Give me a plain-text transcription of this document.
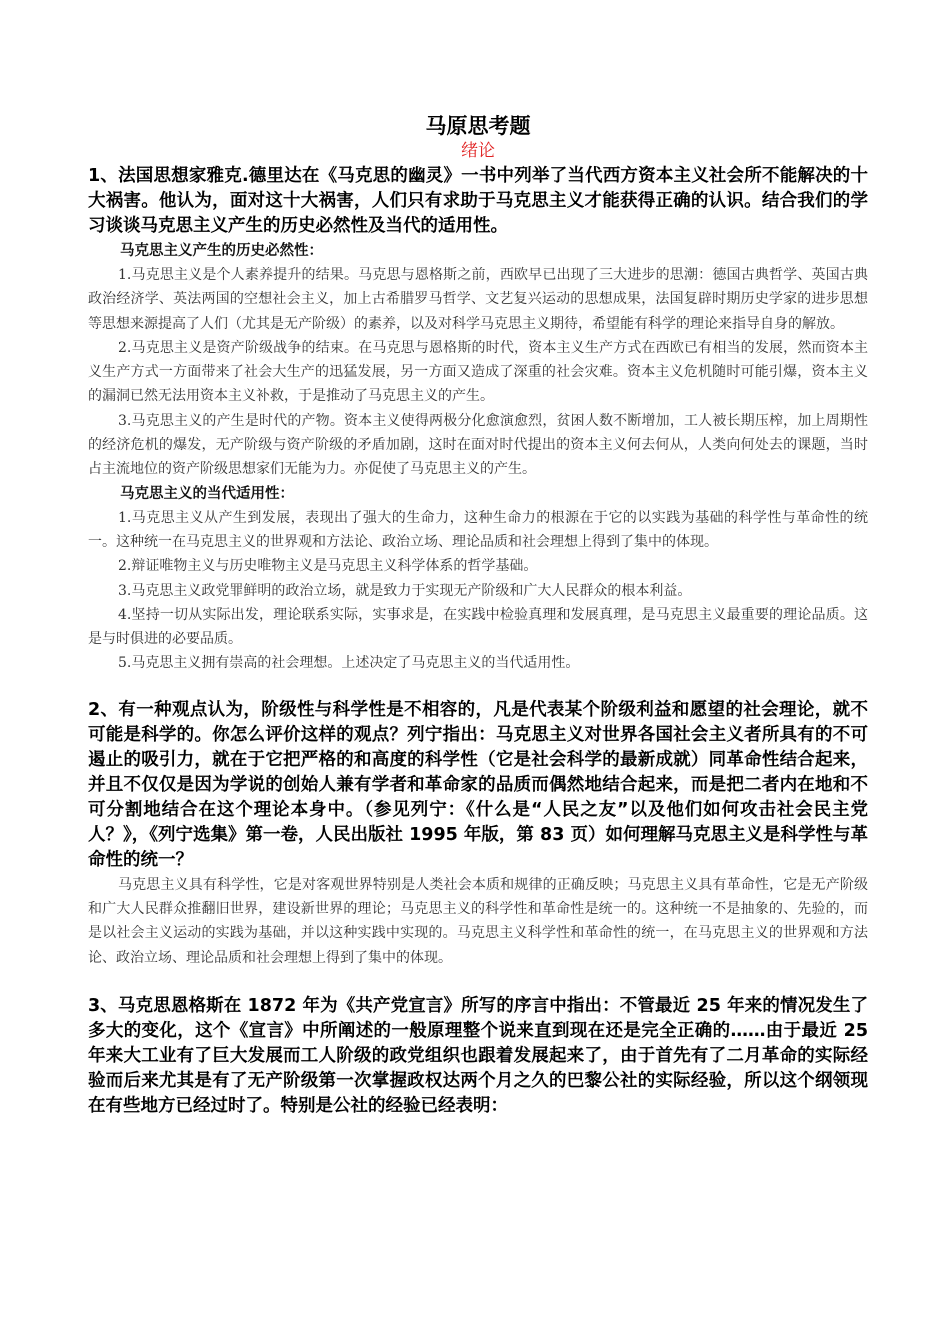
马原思考题
绪论

1、法国思想家雅克.德里达在《马克思的幽灵》一书中列举了当代西方资本主义社会所不能解决的十大祸害。他认为，面对这十大祸害，人们只有求助于马克思主义才能获得正确的认识。结合我们的学习谈谈马克思主义产生的历史必然性及当代的适用性。

马克思主义产生的历史必然性：

1.马克思主义是个人素养提升的结果。马克思与恩格斯之前，西欧早已出现了三大进步的思潮：德国古典哲学、英国古典政治经济学、英法两国的空想社会主义，加上古希腊罗马哲学、文艺复兴运动的思想成果，法国复辟时期历史学家的进步思想等思想来源提高了人们（尤其是无产阶级）的素养，以及对科学马克思主义期待，希望能有科学的理论来指导自身的解放。

2.马克思主义是资产阶级战争的结束。在马克思与恩格斯的时代，资本主义生产方式在西欧已有相当的发展，然而资本主义生产方式一方面带来了社会大生产的迅猛发展，另一方面又造成了深重的社会灾难。资本主义危机随时可能引爆，资本主义的漏洞已然无法用资本主义补救，于是推动了马克思主义的产生。

3.马克思主义的产生是时代的产物。资本主义使得两极分化愈演愈烈，贫困人数不断增加，工人被长期压榨，加上周期性的经济危机的爆发，无产阶级与资产阶级的矛盾加剧，这时在面对时代提出的资本主义何去何从，人类向何处去的课题，当时占主流地位的资产阶级思想家们无能为力。亦促使了马克思主义的产生。

马克思主义的当代适用性：

1.马克思主义从产生到发展，表现出了强大的生命力，这种生命力的根源在于它的以实践为基础的科学性与革命性的统一。这种统一在马克思主义的世界观和方法论、政治立场、理论品质和社会理想上得到了集中的体现。

2.辩证唯物主义与历史唯物主义是马克思主义科学体系的哲学基础。

3.马克思主义政党罪鲜明的政治立场，就是致力于实现无产阶级和广大人民群众的根本利益。

4.坚持一切从实际出发，理论联系实际，实事求是，在实践中检验真理和发展真理，是马克思主义最重要的理论品质。这是与时俱进的必要品质。

5.马克思主义拥有崇高的社会理想。上述决定了马克思主义的当代适用性。

2、有一种观点认为，阶级性与科学性是不相容的，凡是代表某个阶级利益和愿望的社会理论，就不可能是科学的。你怎么评价这样的观点？列宁指出：马克思主义对世界各国社会主义者所具有的不可遏止的吸引力，就在于它把严格的和高度的科学性（它是社会科学的最新成就）同革命性结合起来，并且不仅仅是因为学说的创始人兼有学者和革命家的品质而偶然地结合起来，而是把二者内在地和不可分割地结合在这个理论本身中。（参见列宁：《什么是“人民之友”以及他们如何攻击社会民主党人？》，《列宁选集》第一卷，人民出版社 1995 年版，第 83 页）如何理解马克思主义是科学性与革命性的统一？

马克思主义具有科学性，它是对客观世界特别是人类社会本质和规律的正确反映；马克思主义具有革命性，它是无产阶级和广大人民群众推翻旧世界，建设新世界的理论；马克思主义的科学性和革命性是统一的。这种统一不是抽象的、先验的，而是以社会主义运动的实践为基础，并以这种实践中实现的。马克思主义科学性和革命性的统一，在马克思主义的世界观和方法论、政治立场、理论品质和社会理想上得到了集中的体现。

3、马克思恩格斯在 1872 年为《共产党宣言》所写的序言中指出：不管最近 25 年来的情况发生了多大的变化，这个《宣言》中所阐述的一般原理整个说来直到现在还是完全正确的……由于最近 25 年来大工业有了巨大发展而工人阶级的政党组织也跟着发展起来了，由于首先有了二月革命的实际经验而后来尤其是有了无产阶级第一次掌握政权达两个月之久的巴黎公社的实际经验，所以这个纲领现在有些地方已经过时了。特别是公社的经验已经表明：
